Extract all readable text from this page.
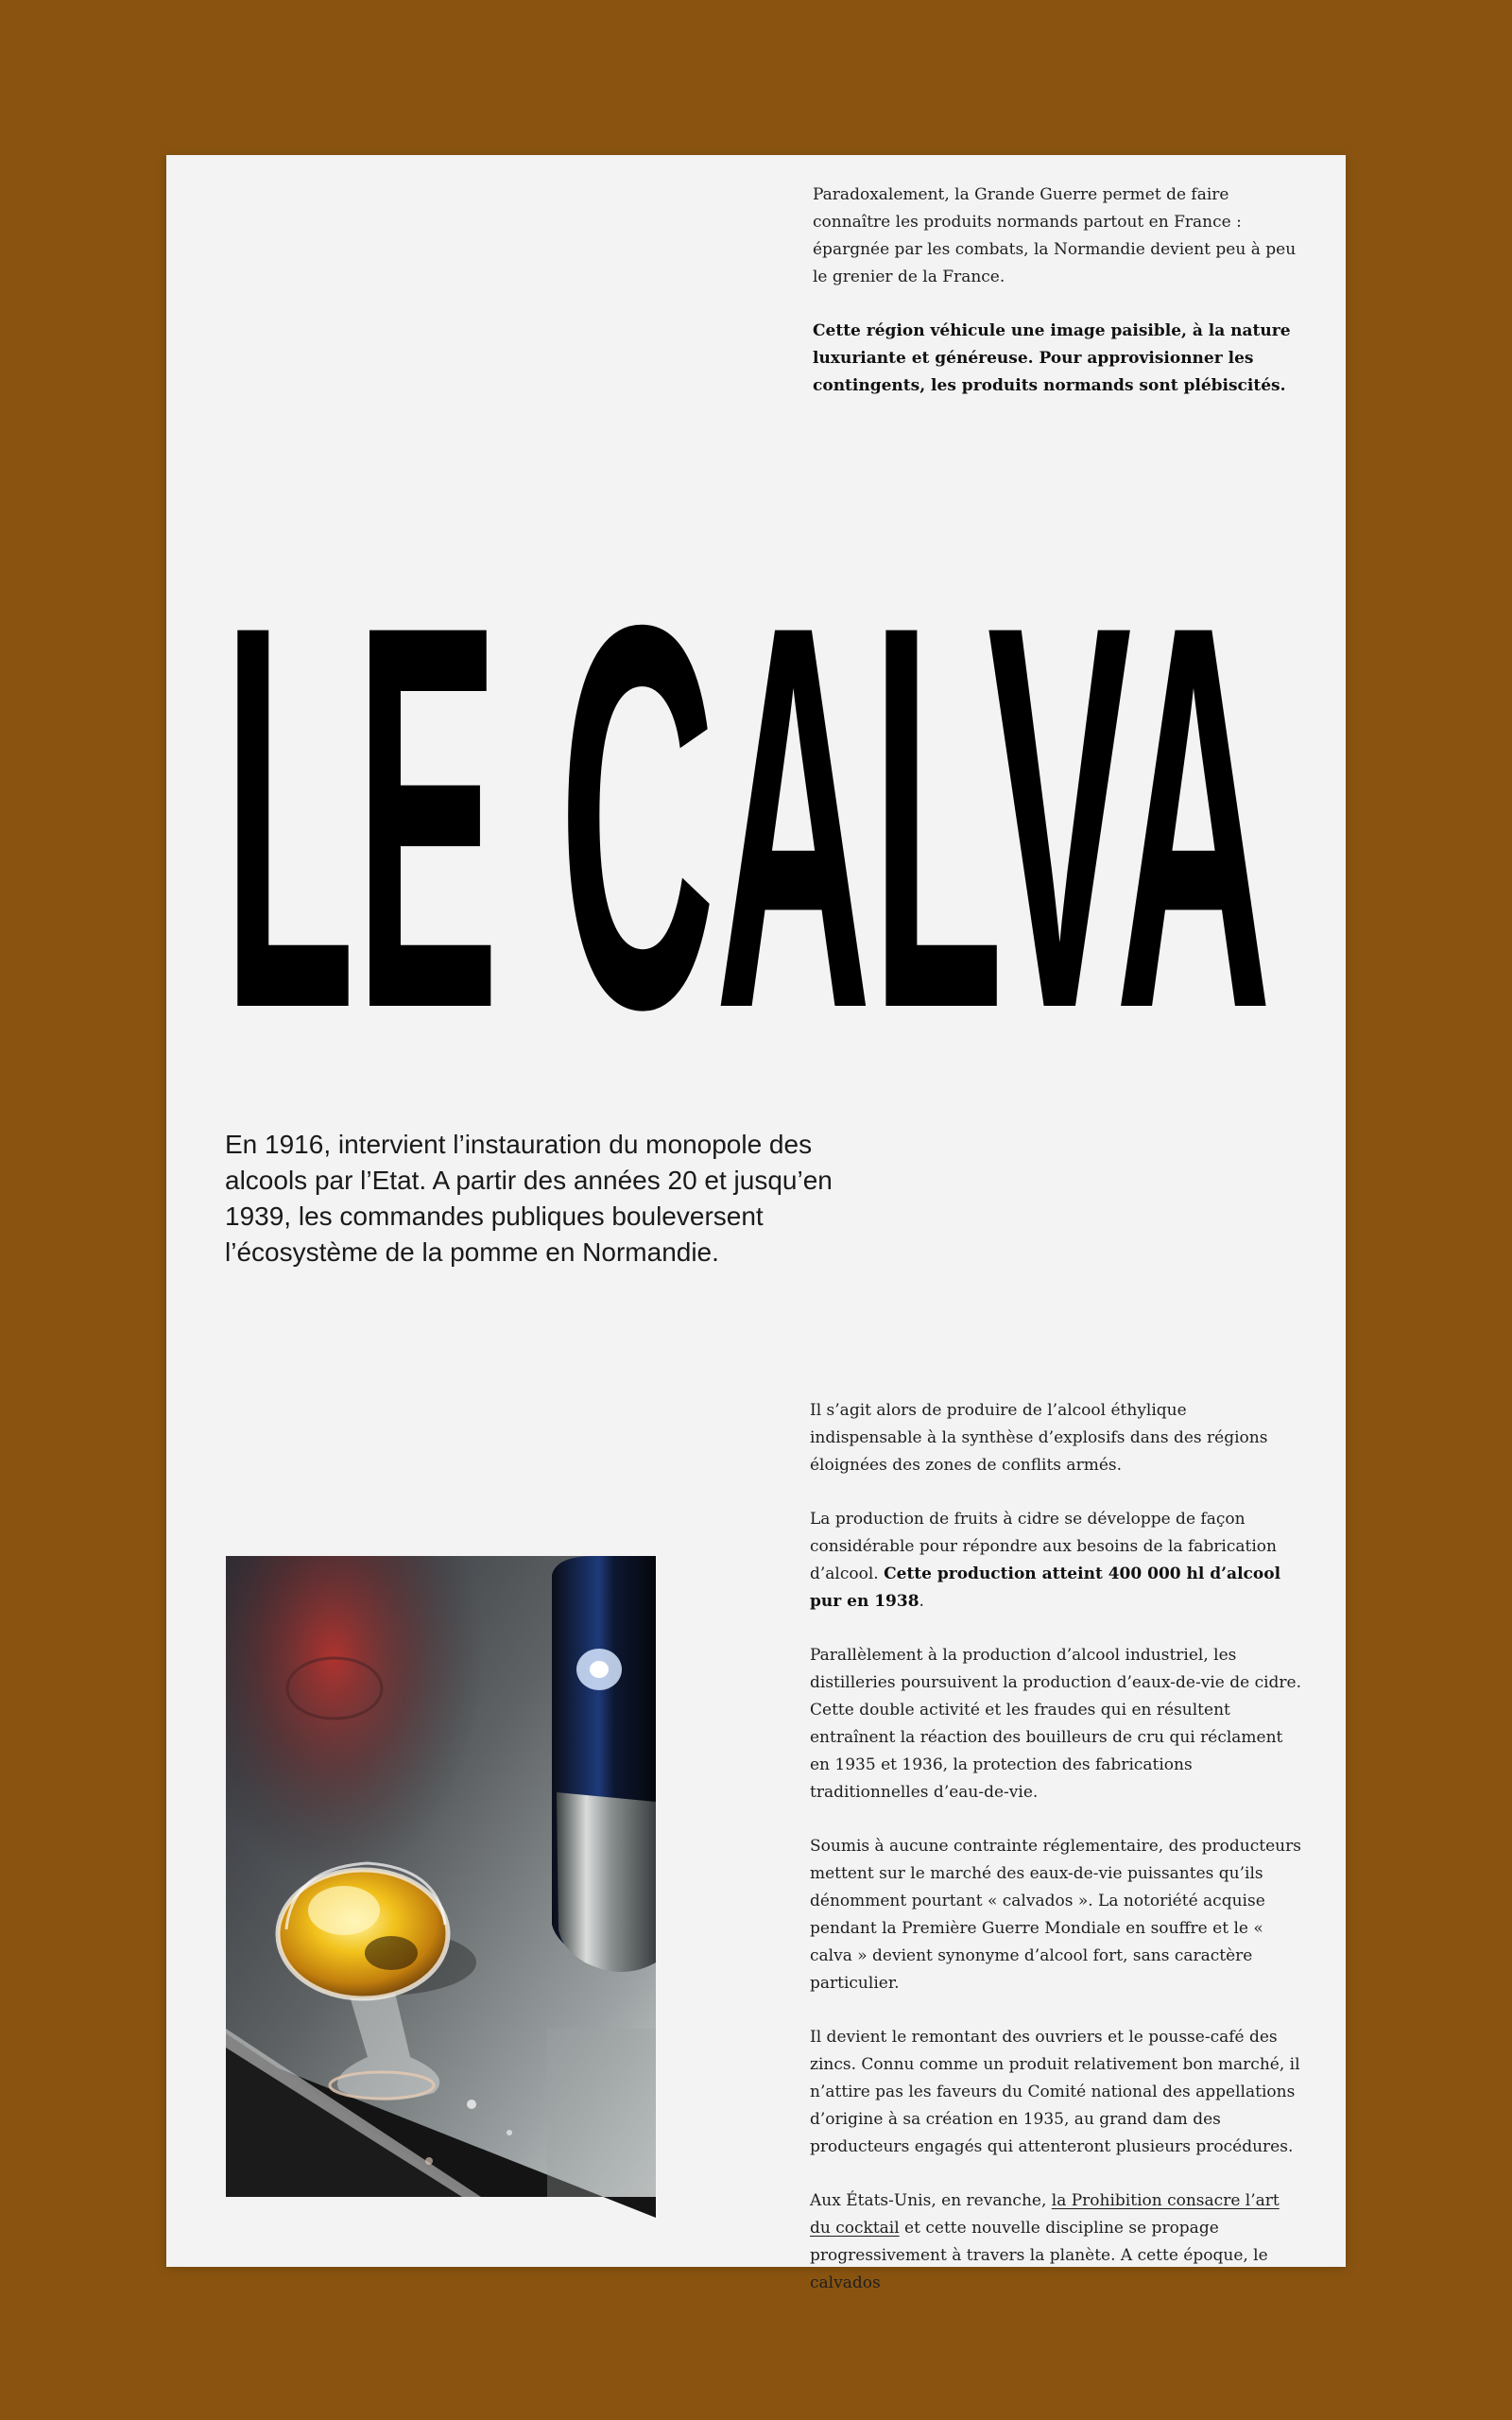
Paradoxalement, la Grande Guerre permet de faire connaître les produits normands partout en France : épargnée par les combats, la Normandie devient peu à peu le grenier de la France.

Cette région véhicule une image paisible, à la nature luxuriante et généreuse. Pour approvisionner les contingents, les produits normands sont plébiscités.

LE CALVA

En 1916, intervient l’instauration du monopole des alcools par l’Etat. A partir des années 20 et jusqu’en 1939, les commandes publiques bouleversent l’écosystème de la pomme en Normandie.

Il s’agit alors de produire de l’alcool éthylique indispensable à la synthèse d’explosifs dans des régions éloignées des zones de conflits armés.

La production de fruits à cidre se développe de façon considérable pour répondre aux besoins de la fabrication d’alcool. Cette production atteint 400 000 hl d’alcool pur en 1938.

Parallèlement à la production d’alcool industriel, les distilleries poursuivent la production d’eaux-de-vie de cidre. Cette double activité et les fraudes qui en résultent entraînent la réaction des bouilleurs de cru qui réclament en 1935 et 1936, la protection des fabrications traditionnelles d’eau-de-vie.

Soumis à aucune contrainte réglementaire, des producteurs mettent sur le marché des eaux-de-vie puissantes qu’ils dénomment pourtant « calvados ». La notoriété acquise pendant la Première Guerre Mondiale en souffre et le « calva » devient synonyme d’alcool fort, sans caractère particulier.

Il devient le remontant des ouvriers et le pousse-café des zincs. Connu comme un produit relativement bon marché, il n’attire pas les faveurs du Comité national des appellations d’origine à sa création en 1935, au grand dam des producteurs engagés qui attenteront plusieurs procédures.

Aux États-Unis, en revanche, la Prohibition consacre l’art du cocktail et cette nouvelle discipline se propage progressivement à travers la planète. A cette époque, le calvados
